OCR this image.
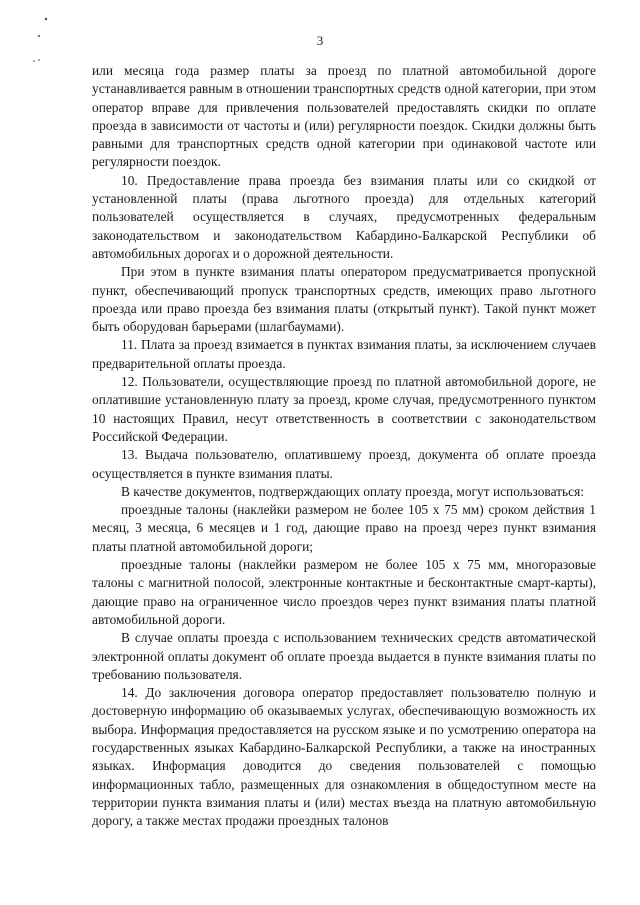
3

или месяца года размер платы за проезд по платной автомобильной дороге устанавливается равным в отношении транспортных средств одной категории, при этом оператор вправе для привлечения пользователей предоставлять скидки по оплате проезда в зависимости от частоты и (или) регулярности поездок. Скидки должны быть равными для транспортных средств одной категории при одинаковой частоте или регулярности поездок.

10. Предоставление права проезда без взимания платы или со скидкой от установленной платы (права льготного проезда) для отдельных категорий пользователей осуществляется в случаях, предусмотренных федеральным законодательством и законодательством Кабардино-Балкарской Республики об автомобильных дорогах и о дорожной деятельности.

При этом в пункте взимания платы оператором предусматривается пропускной пункт, обеспечивающий пропуск транспортных средств, имеющих право льготного проезда или право проезда без взимания платы (открытый пункт). Такой пункт может быть оборудован барьерами (шлагбаумами).

11. Плата за проезд взимается в пунктах взимания платы, за исключением случаев предварительной оплаты проезда.

12. Пользователи, осуществляющие проезд по платной автомобильной дороге, не оплатившие установленную плату за проезд, кроме случая, предусмотренного пунктом 10 настоящих Правил, несут ответственность в соответствии с законодательством Российской Федерации.

13. Выдача пользователю, оплатившему проезд, документа об оплате проезда осуществляется в пункте взимания платы.

В качестве документов, подтверждающих оплату проезда, могут использоваться:

проездные талоны (наклейки размером не более 105 х 75 мм) сроком действия 1 месяц, 3 месяца, 6 месяцев и 1 год, дающие право на проезд через пункт взимания платы платной автомобильной дороги;

проездные талоны (наклейки размером не более 105 х 75 мм, многоразовые талоны с магнитной полосой, электронные контактные и бесконтактные смарт-карты), дающие право на ограниченное число проездов через пункт взимания платы платной автомобильной дороги.

В случае оплаты проезда с использованием технических средств автоматической электронной оплаты документ об оплате проезда выдается в пункте взимания платы по требованию пользователя.

14. До заключения договора оператор предоставляет пользователю полную и достоверную информацию об оказываемых услугах, обеспечивающую возможность их выбора. Информация предоставляется на русском языке и по усмотрению оператора на государственных языках Кабардино-Балкарской Республики, а также на иностранных языках. Информация доводится до сведения пользователей с помощью информационных табло, размещенных для ознакомления в общедоступном месте на территории пункта взимания платы и (или) местах въезда на платную автомобильную дорогу, а также местах продажи проездных талонов
